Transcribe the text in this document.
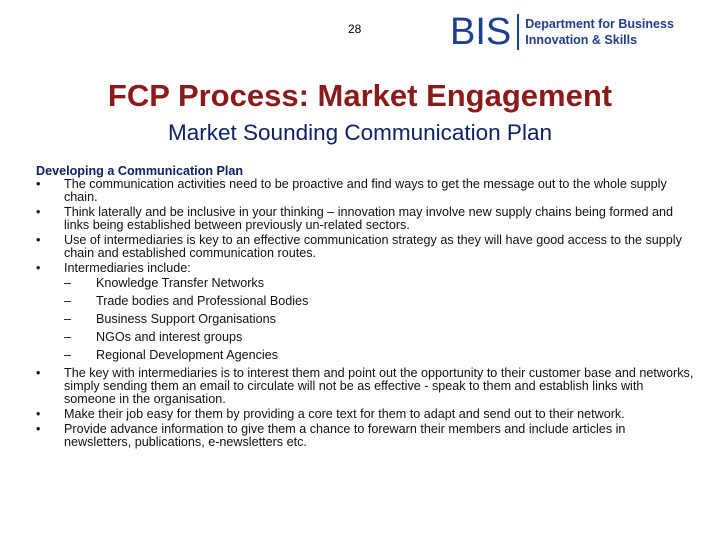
28 BIS Department for Business
Innovation & Skills
FCP Process: Market Engagement
Market Sounding Communication Plan
Developing a Communication Plan
• The communication activities need to be proactive and find ways to get the message out to the whole supply chain.
• Think laterally and be inclusive in your thinking – innovation may involve new supply chains being formed and links being established between previously un-related sectors.
• Use of intermediaries is key to an effective communication strategy as they will have good access to the supply chain and established communication routes.
• Intermediaries include:
– Knowledge Transfer Networks
– Trade bodies and Professional Bodies
– Business Support Organisations
– NGOs and interest groups
– Regional Development Agencies
• The key with intermediaries is to interest them and point out the opportunity to their customer base and networks, simply sending them an email to circulate will not be as effective - speak to them and establish links with someone in the organisation.
• Make their job easy for them by providing a core text for them to adapt and send out to their network.
• Provide advance information to give them a chance to forewarn their members and include articles in newsletters, publications, e-newsletters etc.
